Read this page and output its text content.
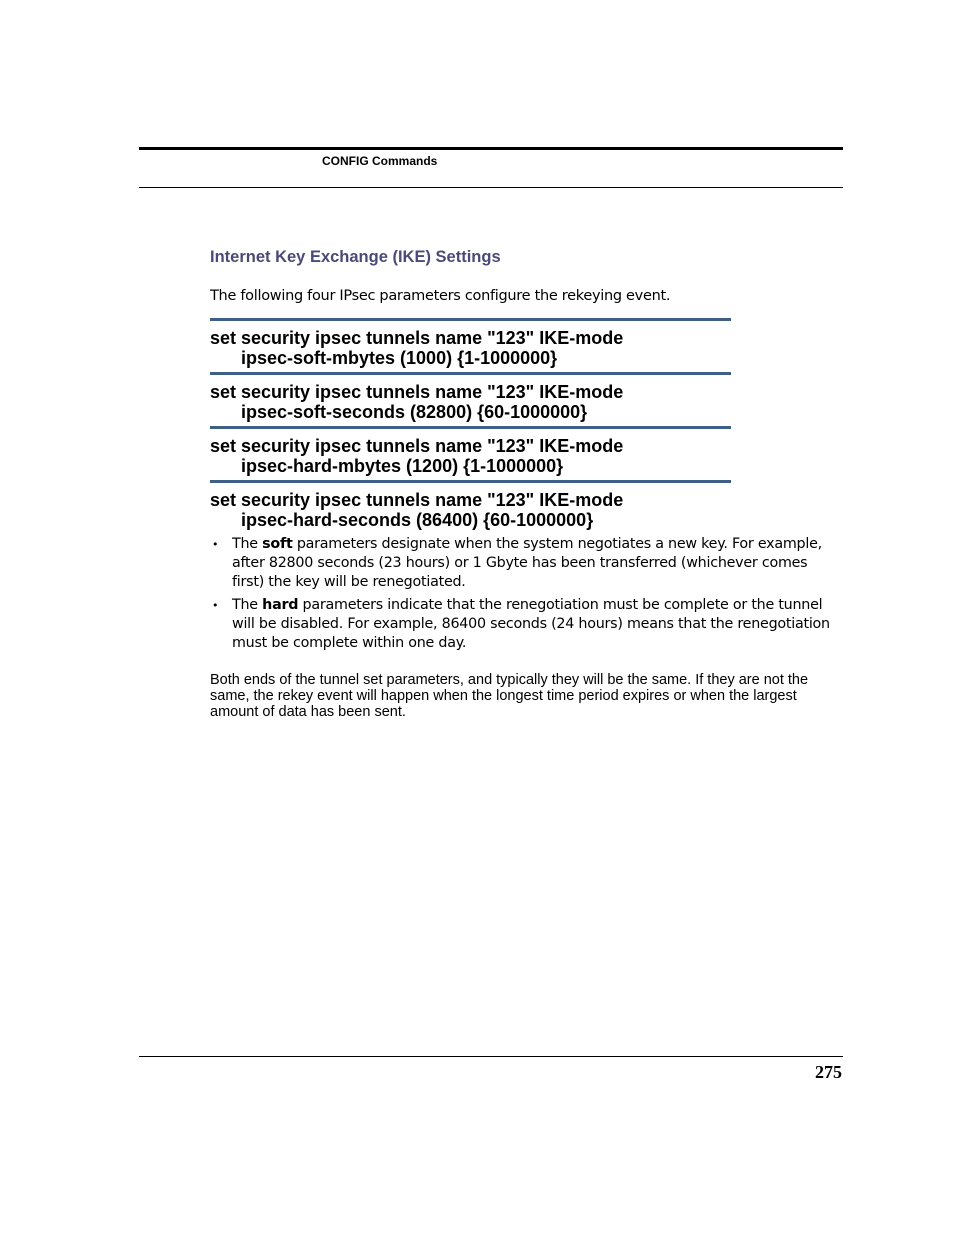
CONFIG Commands
Internet Key Exchange (IKE) Settings
The following four IPsec parameters configure the rekeying event.
set security ipsec tunnels name "123" IKE-mode
ipsec-soft-mbytes (1000) {1-1000000}
set security ipsec tunnels name "123" IKE-mode
ipsec-soft-seconds (82800) {60-1000000}
set security ipsec tunnels name "123" IKE-mode
ipsec-hard-mbytes (1200) {1-1000000}
set security ipsec tunnels name "123" IKE-mode
ipsec-hard-seconds (86400) {60-1000000}
• The soft parameters designate when the system negotiates a new key. For example, after 82800 seconds (23 hours) or 1 Gbyte has been transferred (whichever comes first) the key will be renegotiated.
• The hard parameters indicate that the renegotiation must be complete or the tunnel will be disabled. For example, 86400 seconds (24 hours) means that the renegotiation must be complete within one day.
Both ends of the tunnel set parameters, and typically they will be the same. If they are not the same, the rekey event will happen when the longest time period expires or when the largest amount of data has been sent.
275
